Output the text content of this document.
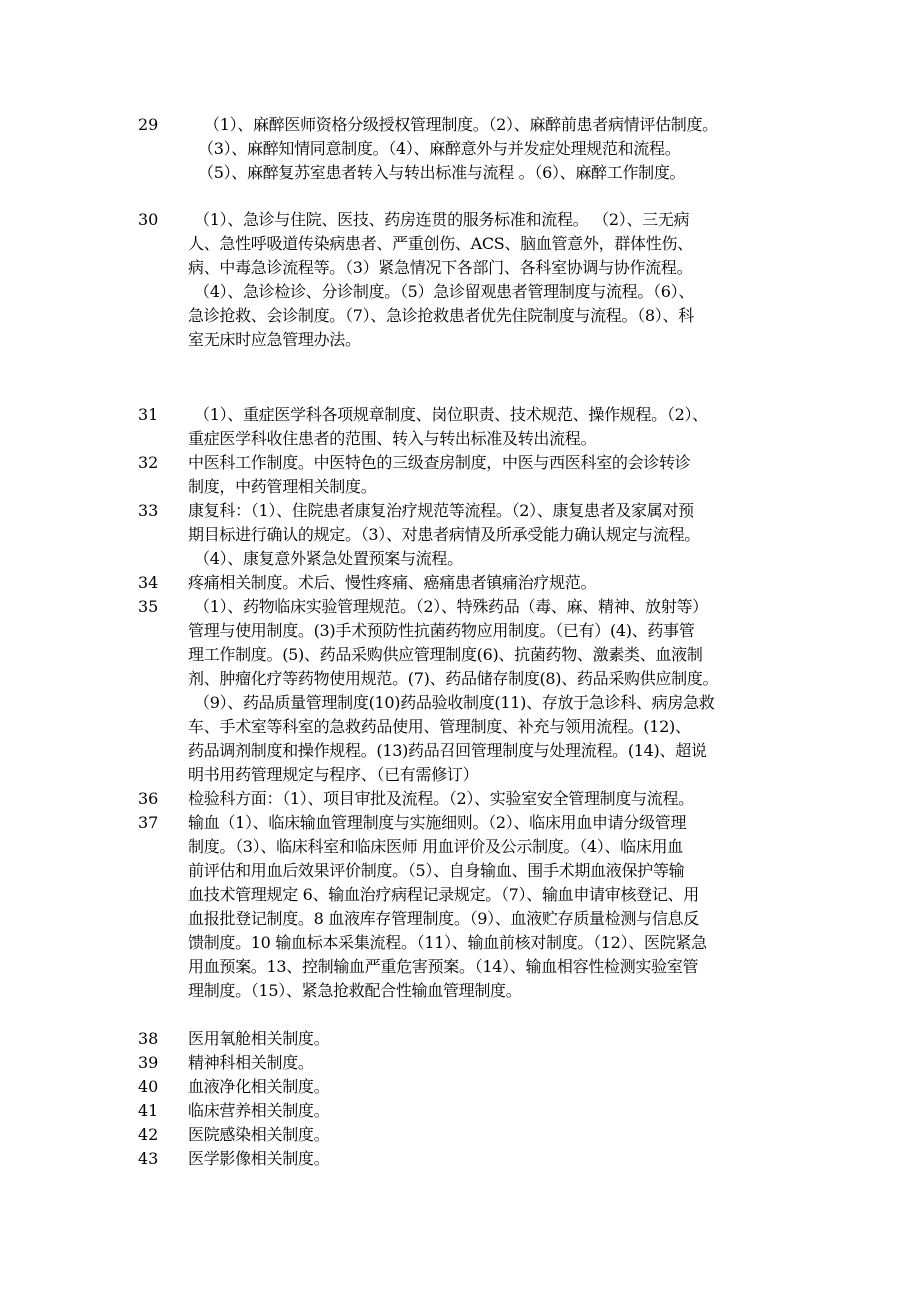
29	（1）、麻醉医师资格分级授权管理制度。（2）、麻醉前患者病情评估制度。
（3）、麻醉知情同意制度。（4）、麻醉意外与并发症处理规范和流程。
（5）、麻醉复苏室患者转入与转出标准与流程 。（6）、麻醉工作制度。
30	（1）、急诊与住院、医技、药房连贯的服务标准和流程。 （2）、三无病
人、急性呼吸道传染病患者、严重创伤、ACS、脑血管意外，群体性伤、
病、中毒急诊流程等。（3）紧急情况下各部门、各科室协调与协作流程。
（4）、急诊检诊、分诊制度。（5）急诊留观患者管理制度与流程。（6）、
急诊抢救、会诊制度。（7）、急诊抢救患者优先住院制度与流程。（8）、科
室无床时应急管理办法。
31	（1）、重症医学科各项规章制度、岗位职责、技术规范、操作规程。（2）、
重症医学科收住患者的范围、转入与转出标准及转出流程。
32	中医科工作制度。中医特色的三级查房制度，中医与西医科室的会诊转诊
制度，中药管理相关制度。
33	康复科：（1）、住院患者康复治疗规范等流程。（2）、康复患者及家属对预
期目标进行确认的规定。（3）、对患者病情及所承受能力确认规定与流程。
（4）、康复意外紧急处置预案与流程。
34	疼痛相关制度。术后、慢性疼痛、癌痛患者镇痛治疗规范。
35	（1）、药物临床实验管理规范。（2）、特殊药品（毒、麻、精神、放射等）
管理与使用制度。(3)手术预防性抗菌药物应用制度。（已有）(4)、药事管
理工作制度。(5)、药品采购供应管理制度(6)、抗菌药物、激素类、血液制
剂、肿瘤化疗等药物使用规范。(7)、药品储存制度(8)、药品采购供应制度。
（9）、药品质量管理制度(10)药品验收制度(11)、存放于急诊科、病房急救
车、手术室等科室的急救药品使用、管理制度、补充与领用流程。(12)、
药品调剂制度和操作规程。(13)药品召回管理制度与处理流程。(14)、超说
明书用药管理规定与程序、（已有需修订）
36	检验科方面：（1）、项目审批及流程。（2）、实验室安全管理制度与流程。
37	输血（1）、临床输血管理制度与实施细则。（2）、临床用血申请分级管理
制度。（3）、临床科室和临床医师 用血评价及公示制度。（4）、临床用血
前评估和用血后效果评价制度。（5）、自身输血、围手术期血液保护等输
血技术管理规定 6、输血治疗病程记录规定。（7）、输血申请审核登记、用
血报批登记制度。8 血液库存管理制度。（9）、血液贮存质量检测与信息反
馈制度。10 输血标本采集流程。（11）、输血前核对制度。（12）、医院紧急
用血预案。13、控制输血严重危害预案。（14）、输血相容性检测实验室管
理制度。（15）、紧急抢救配合性输血管理制度。
38	医用氧舱相关制度。
39	精神科相关制度。
40	血液净化相关制度。
41	临床营养相关制度。
42	医院感染相关制度。
43	医学影像相关制度。
